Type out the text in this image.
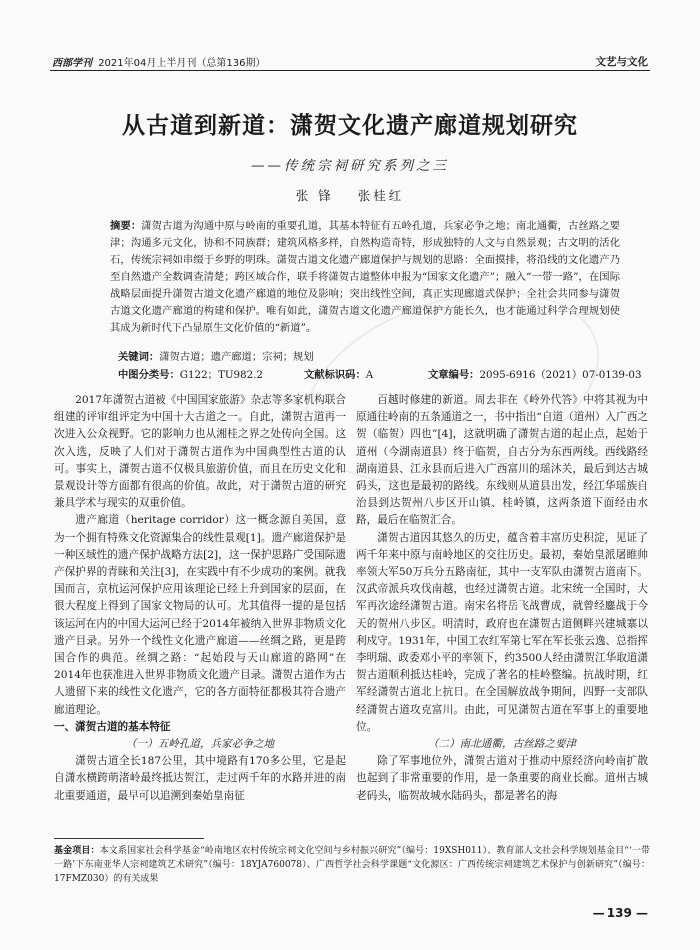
西部学刊 2021年04月上半月刊（总第136期）	文艺与文化
从古道到新道：潇贺文化遗产廊道规划研究
——传统宗祠研究系列之三
张 锋 张桂红
摘要：潇贺古道为沟通中原与岭南的重要孔道，其基本特征有五岭孔道，兵家必争之地；南北通衢，古丝路之要津；沟通多元文化，协和不同族群；建筑风格多样，自然构造奇特，形成独特的人文与自然景观；古文明的活化石，传统宗祠如串缀于乡野的明珠。潇贺古道文化遗产廊道保护与规划的思路：全面摸排，将沿线的文化遗产乃至自然遗产全数调查清楚；跨区域合作，联手将潇贺古道整体申报为“国家文化遗产”；融入“一带一路”，在国际战略层面提升潇贺古道文化遗产廊道的地位及影响；突出线性空间，真正实现廊道式保护；全社会共同参与潇贺古道文化遗产廊道的构建和保护。唯有如此，潇贺古道文化遗产廊道保护方能长久，也才能通过科学合理规划使其成为新时代下凸显原生文化价值的“新道”。
关键词：潇贺古道；遗产廊道；宗祠；规划
中图分类号：G122；TU982.2	文献标识码：A	文章编号：2095-6916（2021）07-0139-03

2017年潇贺古道被《中国国家旅游》杂志等多家机构联合组建的评审组评定为中国十大古道之一。自此，潇贺古道再一次进入公众视野。它的影响力也从湘桂之界之处传向全国。这次入选，反映了人们对于潇贺古道作为中国典型性古道的认可。事实上，潇贺古道不仅极具旅游价值，而且在历史文化和景观设计等方面都有很高的价值。故此，对于潇贺古道的研究兼具学术与现实的双重价值。

遗产廊道（heritage corridor）这一概念源自美国，意为一个拥有特殊文化资源集合的线性景观[1]。遗产廊道保护是一种区域性的遗产保护战略方法[2]，这一保护思路广受国际遗产保护界的青睐和关注[3]，在实践中有不少成功的案例。就我国而言，京杭运河保护应用该理论已经上升到国家的层面，在很大程度上得到了国家文物局的认可。尤其值得一提的是包括该运河在内的中国大运河已经于2014年被纳入世界非物质文化遗产目录。另外一个线性文化遗产廊道——丝绸之路，更是跨国合作的典范。丝绸之路：“起始段与天山廊道的路网”在2014年也获准进入世界非物质文化遗产目录。潇贺古道作为古人遗留下来的线性文化遗产，它的各方面特征都极其符合遗产廊道理论。

一、潇贺古道的基本特征

（一）五岭孔道，兵家必争之地

潇贺古道全长187公里，其中境路有170多公里，它是起自潇水横跨萌渚岭最终抵达贺江，走过两千年的水路并进的南北重要通道，最早可以追溯到秦始皇南征

百越时修建的新道。周去非在《岭外代答》中将其视为中原通往岭南的五条通道之一，书中指出“自道（道州）入广西之贺（临贺）四也”[4]，这就明确了潇贺古道的起止点，起始于道州（今湖南道县）终于临贺，自古分为东西两线。西线路经湖南道县、江永县而后进入广西富川的瑶沐关，最后到达古城码头，这也是最初的路线。东线则从道县出发，经江华瑶族自治县到达贺州八步区开山镇、桂岭镇，这两条道下面经由水路，最后在临贺汇合。

潇贺古道因其悠久的历史，蕴含着丰富历史积淀，见证了两千年来中原与南岭地区的交往历史。最初，秦始皇派屠睢帅率领大军50万兵分五路南征，其中一支军队由潇贺古道南下。汉武帝派兵攻伐南越，也经过潇贺古道。北宋统一全国时，大军再次途经潇贺古道。南宋名将岳飞战曹成，就曾经鏖战于今天的贺州八步区。明清时，政府也在潇贺古道侧畔兴建城寨以利戍守。1931年，中国工农红军第七军在军长张云逸、总指挥李明瑞、政委邓小平的率领下，约3500人经由潇贺江华取道潇贺古道顺利抵达桂岭，完成了著名的桂岭整编。抗战时期，红军经潇贺古道北上抗日。在全国解放战争期间，四野一支部队经潇贺古道攻克富川。由此，可见潇贺古道在军事上的重要地位。

（二）南北通衢，古丝路之要津

除了军事地位外，潇贺古道对于推动中原经济向岭南扩散也起到了非常重要的作用，是一条重要的商业长廊。道州古城老码头，临贺故城水陆码头，都是著名的海

基金项目：本文系国家社会科学基金“岭南地区农村传统宗祠文化空间与乡村振兴研究”（编号：19XSH011）、教育部人文社会科学规划基金目“‘一带一路’下东南亚华人宗祠建筑艺术研究”（编号：18YJA760078）、广西哲学社会科学课题“文化源区：广西传统宗祠建筑艺术保护与创新研究”（编号：17FMZ030）的有关成果
— 139 —
